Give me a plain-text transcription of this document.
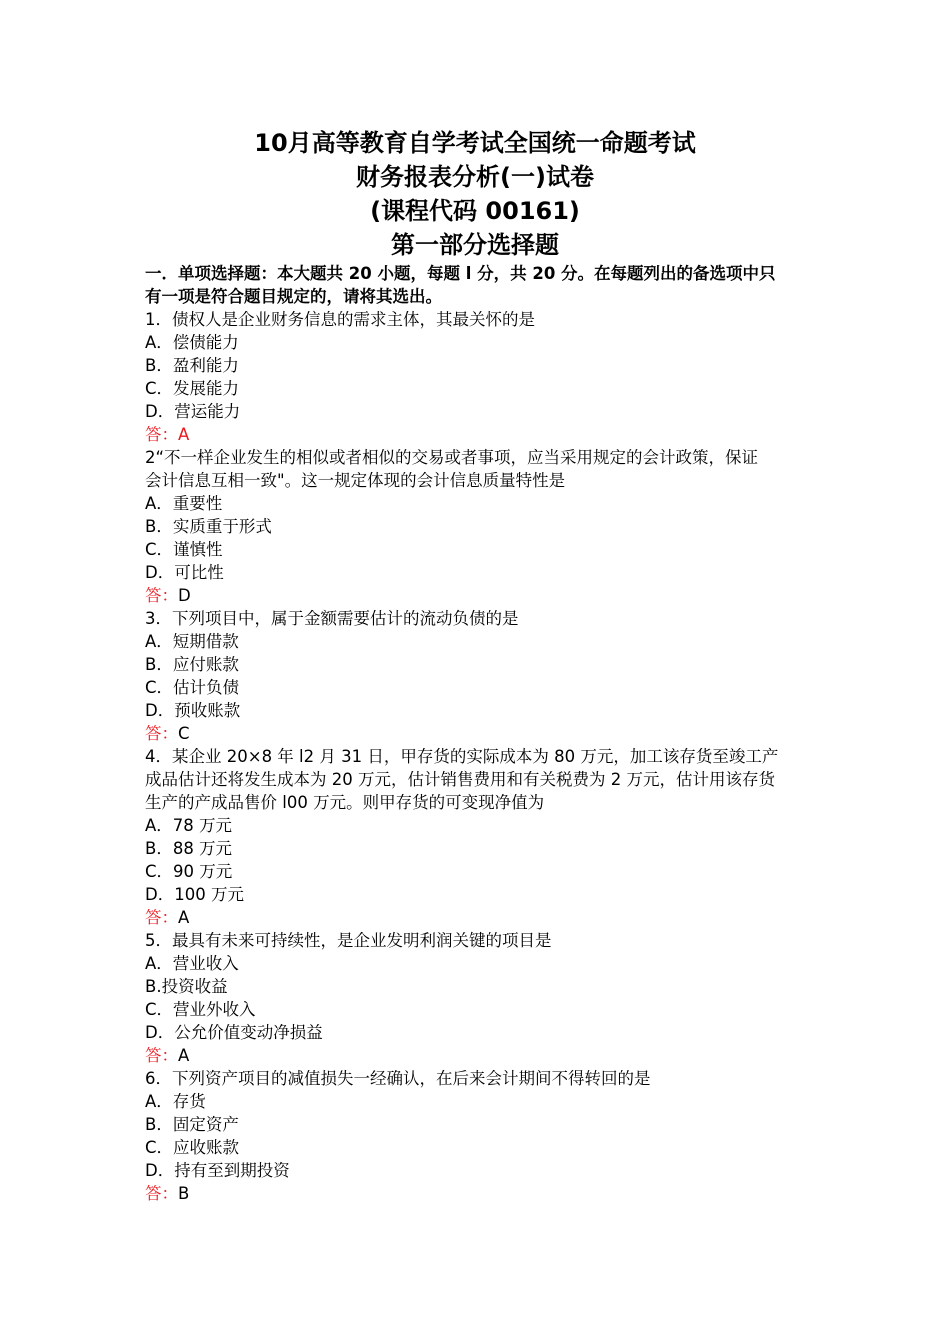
10月高等教育自学考试全国统一命题考试
财务报表分析(一)试卷
(课程代码 00161)
第一部分选择题
一．单项选择题：本大题共 20 小题，每题 l 分，共 20 分。在每题列出的备选项中只
有一项是符合题目规定的，请将其选出。
1．债权人是企业财务信息的需求主体，其最关怀的是
A．偿债能力
B．盈利能力
C．发展能力
D．营运能力
答：A
2“不一样企业发生的相似或者相似的交易或者事项，应当采用规定的会计政策，保证
会计信息互相一致"。这一规定体现的会计信息质量特性是
A．重要性
B．实质重于形式
C．谨慎性
D．可比性
答：D
3．下列项目中，属于金额需要估计的流动负债的是
A．短期借款
B．应付账款
C．估计负债
D．预收账款
答：C
4．某企业 20×8 年 l2 月 31 日，甲存货的实际成本为 80 万元，加工该存货至竣工产
成品估计还将发生成本为 20 万元，估计销售费用和有关税费为 2 万元，估计用该存货
生产的产成品售价 l00 万元。则甲存货的可变现净值为
A．78 万元
B．88 万元
C．90 万元
D．100 万元
答：A
5．最具有未来可持续性，是企业发明利润关键的项目是
A．营业收入
B.投资收益
C．营业外收入
D．公允价值变动净损益
答：A
6．下列资产项目的减值损失一经确认，在后来会计期间不得转回的是
A．存货
B．固定资产
C．应收账款
D．持有至到期投资
答：B
